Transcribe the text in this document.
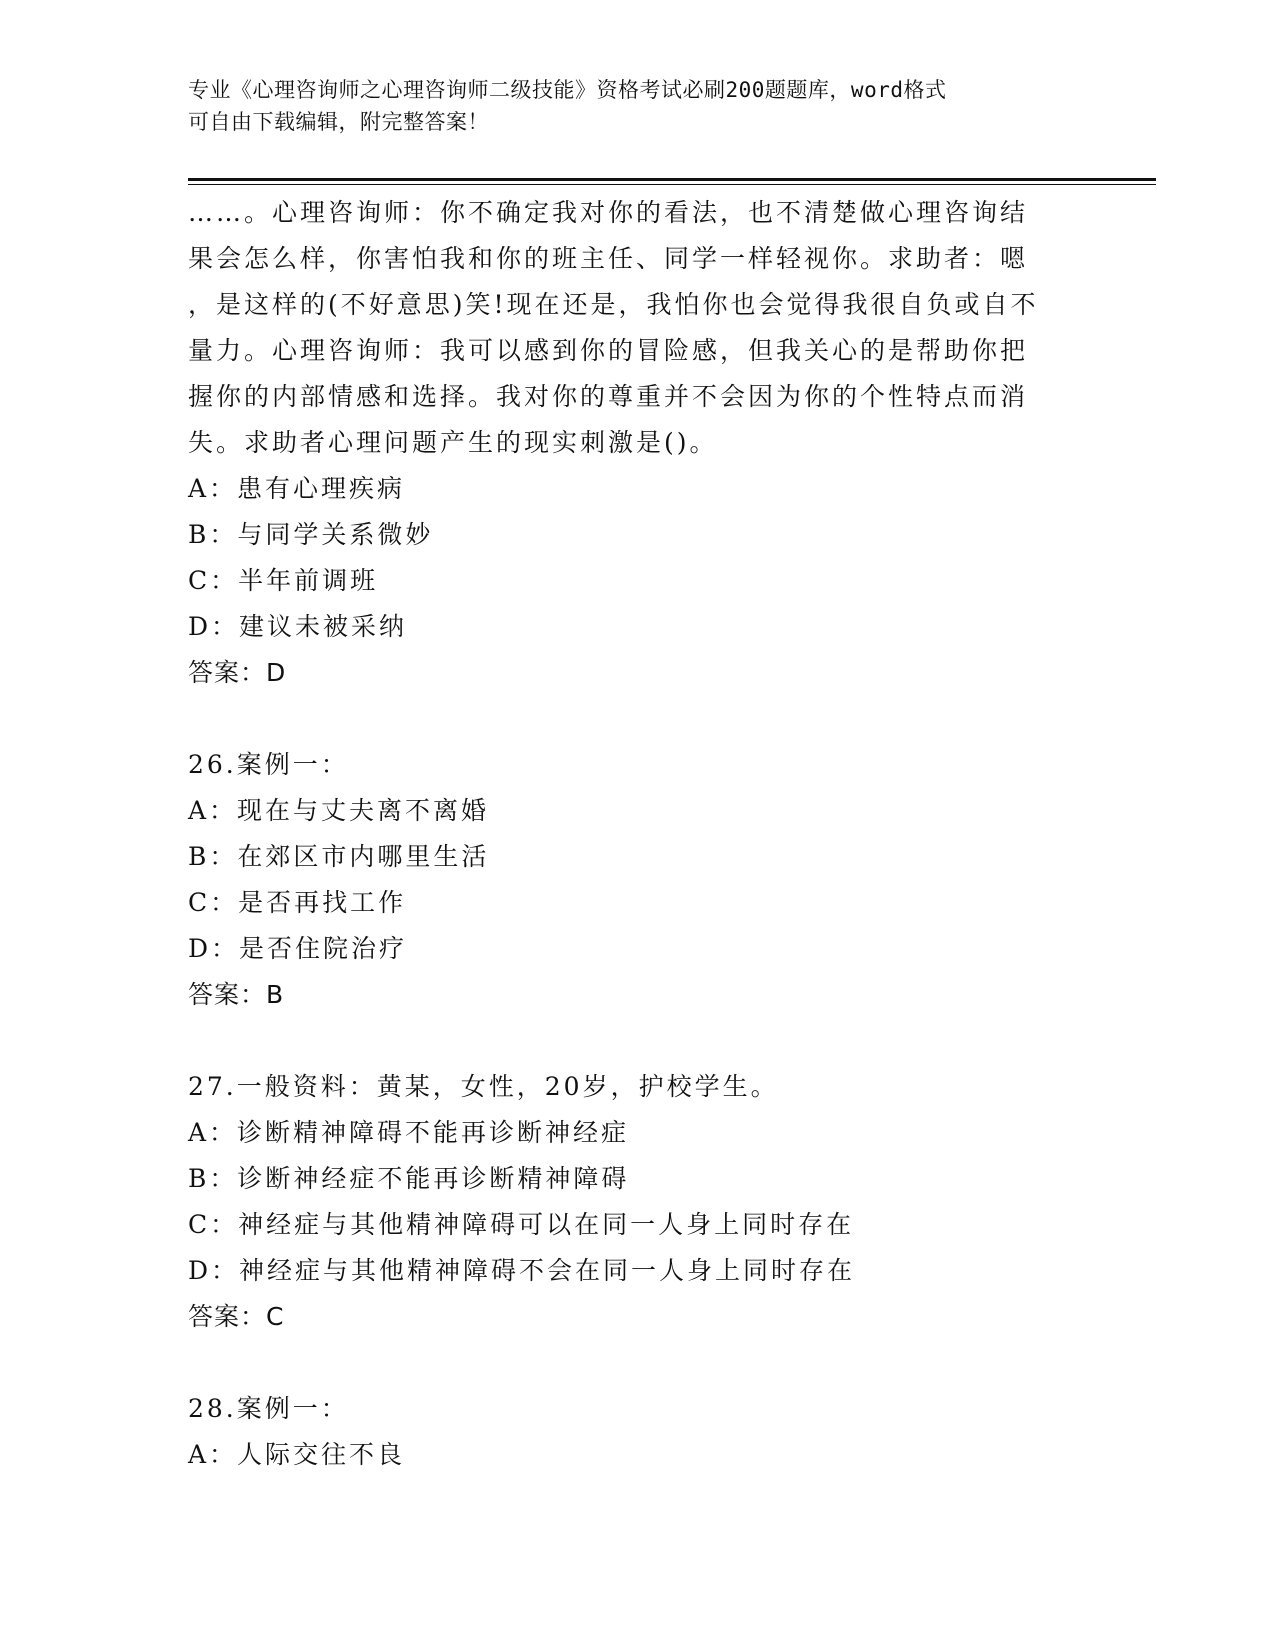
专业《心理咨询师之心理咨询师二级技能》资格考试必刷200题题库，word格式
可自由下载编辑，附完整答案！
……。心理咨询师：你不确定我对你的看法，也不清楚做心理咨询结
果会怎么样，你害怕我和你的班主任、同学一样轻视你。求助者：嗯
，是这样的(不好意思)笑!现在还是，我怕你也会觉得我很自负或自不
量力。心理咨询师：我可以感到你的冒险感，但我关心的是帮助你把
握你的内部情感和选择。我对你的尊重并不会因为你的个性特点而消
失。求助者心理问题产生的现实刺激是()。
A：患有心理疾病
B：与同学关系微妙
C：半年前调班
D：建议未被采纳
答案：D
26.案例一：
A：现在与丈夫离不离婚
B：在郊区市内哪里生活
C：是否再找工作
D：是否住院治疗
答案：B
27.一般资料：黄某，女性，20岁，护校学生。
A：诊断精神障碍不能再诊断神经症
B：诊断神经症不能再诊断精神障碍
C：神经症与其他精神障碍可以在同一人身上同时存在
D：神经症与其他精神障碍不会在同一人身上同时存在
答案：C
28.案例一：
A：人际交往不良
